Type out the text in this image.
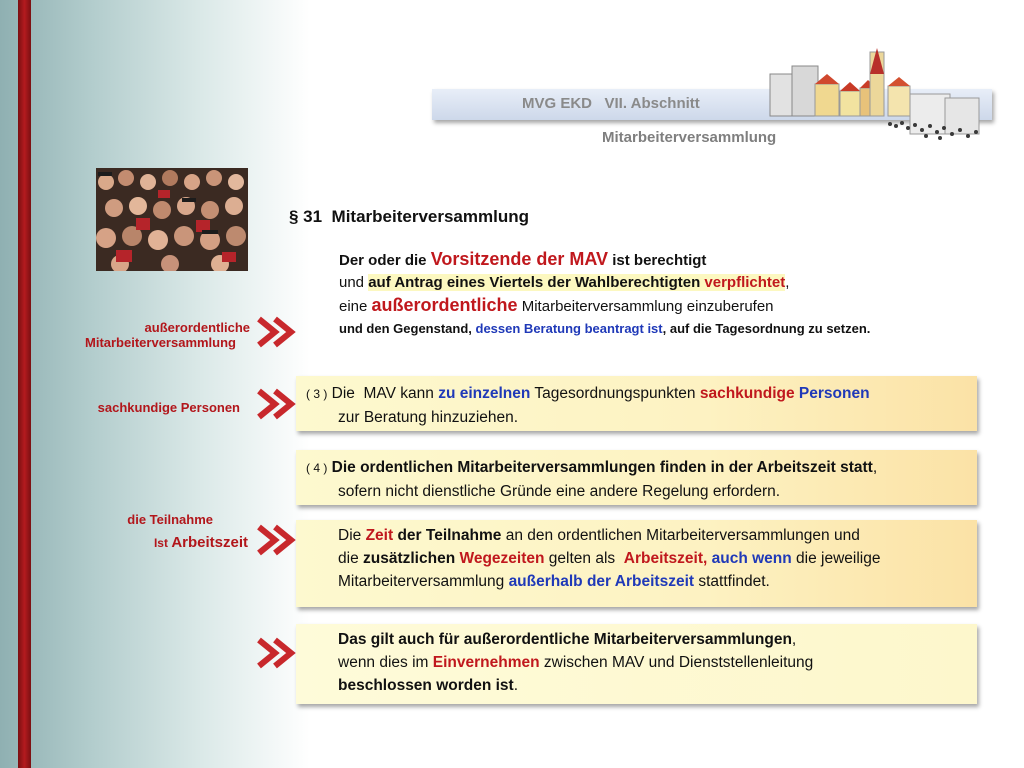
MVG EKD   VII. Abschnitt
Mitarbeiterversammlung
§ 31  Mitarbeiterversammlung
Der oder die Vorsitzende der MAV ist berechtigt
und auf Antrag eines Viertels der Wahlberechtigten verpflichtet,
eine außerordentliche Mitarbeiterversammlung einzuberufen
und den Gegenstand, dessen Beratung beantragt ist, auf die Tagesordnung zu setzen.
außerordentliche
Mitarbeiterversammlung
sachkundige Personen
die Teilnahme
Ist Arbeitszeit
( 3 ) Die  MAV kann zu einzelnen Tagesordnungspunkten sachkundige Personen
zur Beratung hinzuziehen.
( 4 ) Die ordentlichen Mitarbeiterversammlungen finden in der Arbeitszeit statt,
sofern nicht dienstliche Gründe eine andere Regelung erfordern.
Die Zeit der Teilnahme an den ordentlichen Mitarbeiterversammlungen und
die zusätzlichen Wegezeiten gelten als  Arbeitszeit, auch wenn die jeweilige
Mitarbeiterversammlung außerhalb der Arbeitszeit stattfindet.
Das gilt auch für außerordentliche Mitarbeiterversammlungen,
wenn dies im Einvernehmen zwischen MAV und Dienststellenleitung
beschlossen worden ist.
